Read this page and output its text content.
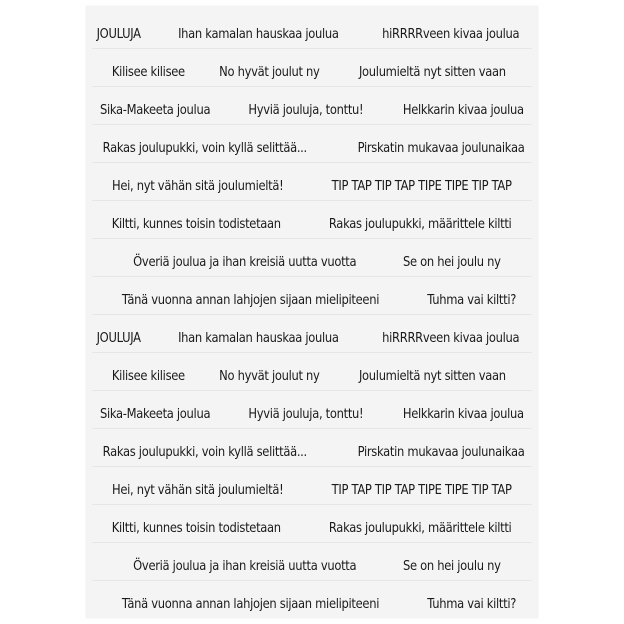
JOULUJA	Ihan kamalan hauskaa joulua	hiRRRRveen kivaa joulua
Kilisee kilisee	No hyvät joulut ny	Joulumieltä nyt sitten vaan
Sika-Makeeta joulua	Hyviä jouluja, tonttu!	Helkkarin kivaa joulua
Rakas joulupukki, voin kyllä selittää...	Pirskatin mukavaa joulunaikaa
Hei, nyt vähän sitä joulumieltä!	TIP TAP TIP TAP TIPE TIPE TIP TAP
Kiltti, kunnes toisin todistetaan	Rakas joulupukki, määrittele kiltti
Överiä joulua ja ihan kreisiä uutta vuotta	Se on hei joulu ny
Tänä vuonna annan lahjojen sijaan mielipiteeni	Tuhma vai kiltti?
JOULUJA	Ihan kamalan hauskaa joulua	hiRRRRveen kivaa joulua
Kilisee kilisee	No hyvät joulut ny	Joulumieltä nyt sitten vaan
Sika-Makeeta joulua	Hyviä jouluja, tonttu!	Helkkarin kivaa joulua
Rakas joulupukki, voin kyllä selittää...	Pirskatin mukavaa joulunaikaa
Hei, nyt vähän sitä joulumieltä!	TIP TAP TIP TAP TIPE TIPE TIP TAP
Kiltti, kunnes toisin todistetaan	Rakas joulupukki, määrittele kiltti
Överiä joulua ja ihan kreisiä uutta vuotta	Se on hei joulu ny
Tänä vuonna annan lahjojen sijaan mielipiteeni	Tuhma vai kiltti?
